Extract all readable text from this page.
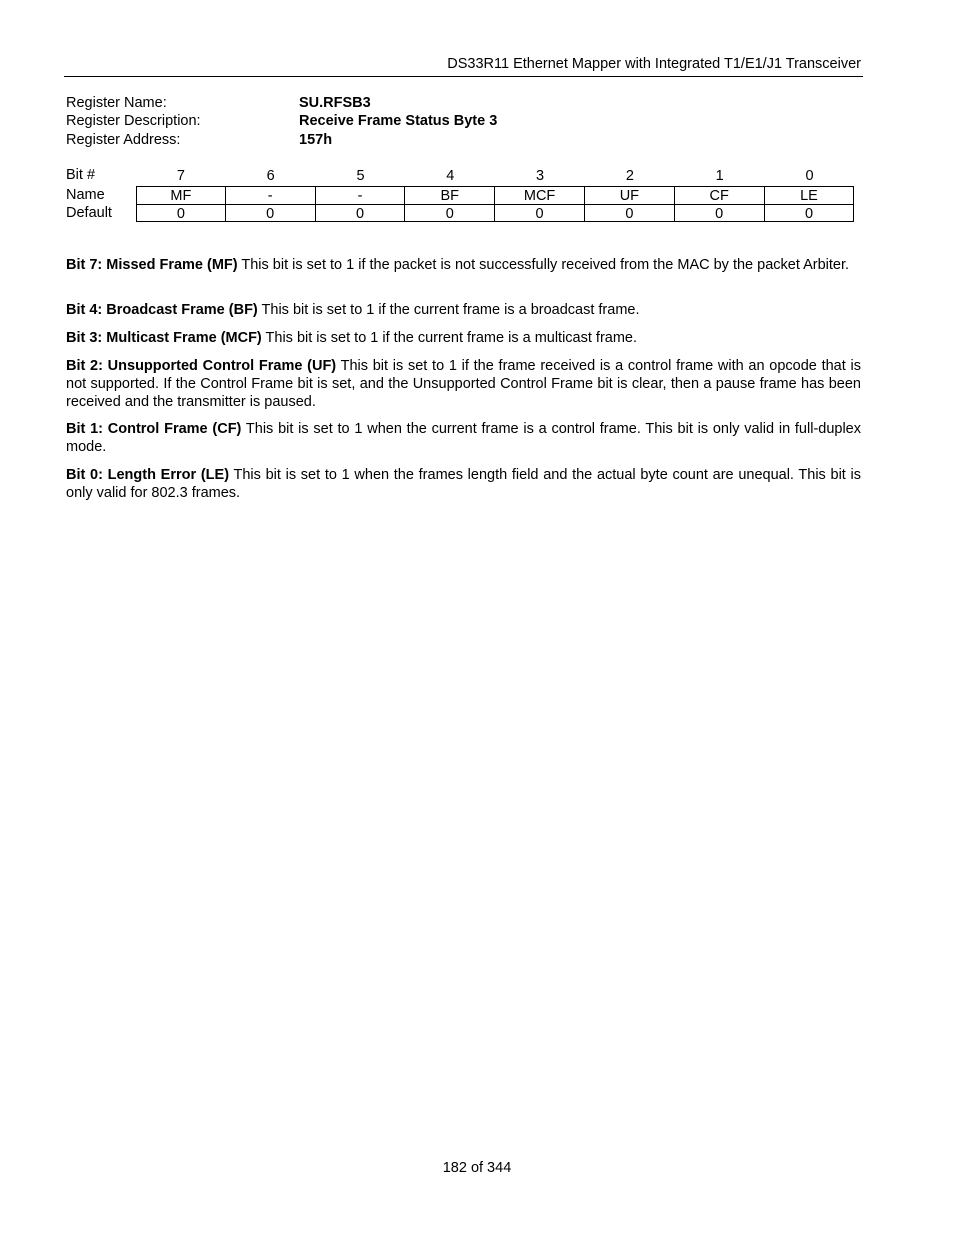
DS33R11 Ethernet Mapper with Integrated T1/E1/J1 Transceiver
Register Name:	SU.RFSB3
Register Description:	Receive Frame Status Byte 3
Register Address:	157h
Bit #	7	6	5	4	3	2	1	0
Name	MF	-	-	BF	MCF	UF	CF	LE
Default	0	0	0	0	0	0	0	0

Bit 7: Missed Frame (MF) This bit is set to 1 if the packet is not successfully received from the MAC by the packet Arbiter.

Bit 4: Broadcast Frame (BF) This bit is set to 1 if the current frame is a broadcast frame.

Bit 3: Multicast Frame (MCF) This bit is set to 1 if the current frame is a multicast frame.

Bit 2: Unsupported Control Frame (UF) This bit is set to 1 if the frame received is a control frame with an opcode that is not supported. If the Control Frame bit is set, and the Unsupported Control Frame bit is clear, then a pause frame has been received and the transmitter is paused.

Bit 1: Control Frame (CF) This bit is set to 1 when the current frame is a control frame. This bit is only valid in full-duplex mode.

Bit 0: Length Error (LE) This bit is set to 1 when the frames length field and the actual byte count are unequal. This bit is only valid for 802.3 frames.

182 of 344
